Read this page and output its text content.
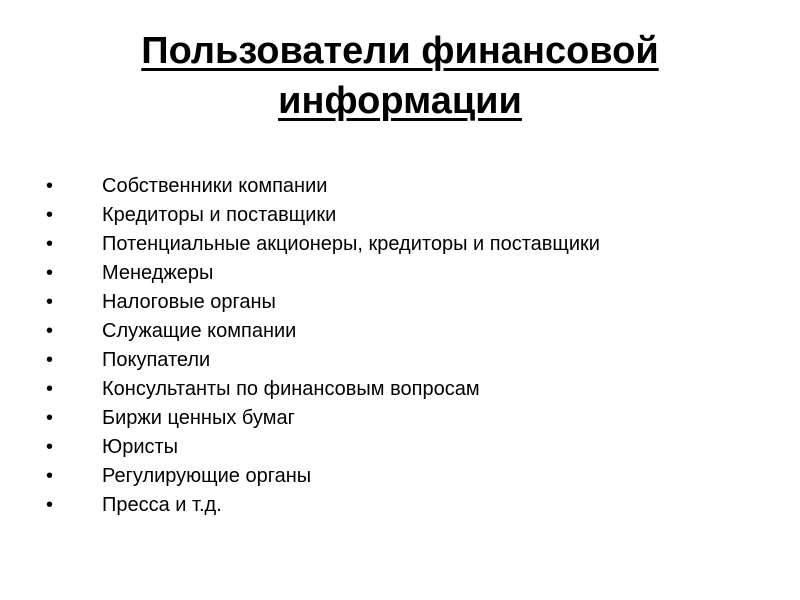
Пользователи финансовой
информации
• Собственники компании
• Кредиторы и поставщики
• Потенциальные акционеры, кредиторы и поставщики
• Менеджеры
• Налоговые органы
• Служащие компании
• Покупатели
• Консультанты по финансовым вопросам
• Биржи ценных бумаг
• Юристы
• Регулирующие органы
• Пресса и т.д.
